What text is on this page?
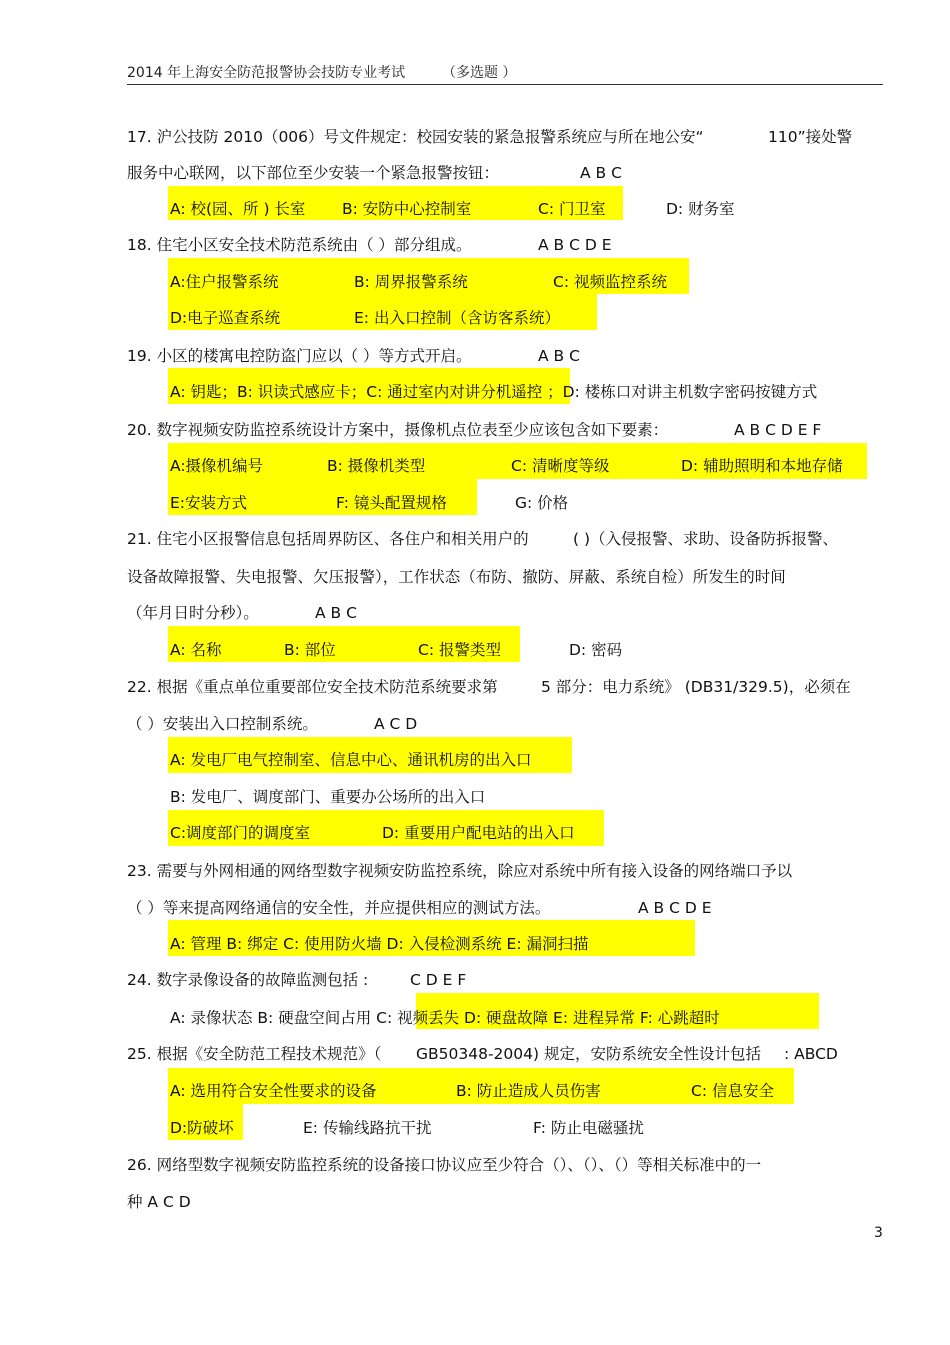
2014 年上海安全防范报警协会技防专业考试	（多选题 ）
17. 沪公技防 2010（006）号文件规定：校园安装的紧急报警系统应与所在地公安“	110”接处警
服务中心联网，以下部位至少安装一个紧急报警按钮：	A B C
A: 校(园、所 ) 长室 B: 安防中心控制室	C: 门卫室	D: 财务室
18. 住宅小区安全技术防范系统由（ ）部分组成。	A B C D E
A:住户报警系统	B: 周界报警系统	C: 视频监控系统
D:电子巡查系统	E: 出入口控制（含访客系统）
19. 小区的楼寓电控防盗门应以（ ）等方式开启。	A B C
A: 钥匙；B: 识读式感应卡；C: 通过室内对讲分机遥控 ；D: 楼栋口对讲主机数字密码按键方式
20. 数字视频安防监控系统设计方案中，摄像机点位表至少应该包含如下要素：	A B C D E F
A:摄像机编号	B: 摄像机类型	C: 清晰度等级	D: 辅助照明和本地存储
E:安装方式	F: 镜头配置规格	G: 价格
21. 住宅小区报警信息包括周界防区、各住户和相关用户的	( )（入侵报警、求助、设备防拆报警、
设备故障报警、失电报警、欠压报警），工作状态（布防、撤防、屏蔽、系统自检）所发生的时间
（年月日时分秒）。	A B C
A: 名称	B: 部位	C: 报警类型	D: 密码
22. 根据《重点单位重要部位安全技术防范系统要求第	5 部分：电力系统》 (DB31/329.5)，必须在
（ ）安装出入口控制系统。	A C D
A: 发电厂电气控制室、信息中心、通讯机房的出入口
B: 发电厂、调度部门、重要办公场所的出入口
C:调度部门的调度室	D: 重要用户配电站的出入口
23. 需要与外网相通的网络型数字视频安防监控系统，除应对系统中所有接入设备的网络端口予以
（ ）等来提高网络通信的安全性，并应提供相应的测试方法。	A B C D E
A: 管理 B: 绑定 C: 使用防火墙 D: 入侵检测系统 E: 漏洞扫描
24. 数字录像设备的故障监测包括 :	C D E F
A: 录像状态 B: 硬盘空间占用 C: 视频丢失 D: 硬盘故障 E: 进程异常 F: 心跳超时
25. 根据《安全防范工程技术规范》（ GB50348-2004) 规定，安防系统安全性设计包括 : ABCD
A: 选用符合安全性要求的设备	B: 防止造成人员伤害	C: 信息安全
D:防破坏	E: 传输线路抗干扰	F: 防止电磁骚扰
26. 网络型数字视频安防监控系统的设备接口协议应至少符合（）、（）、（）等相关标准中的一
种 A C D
3
